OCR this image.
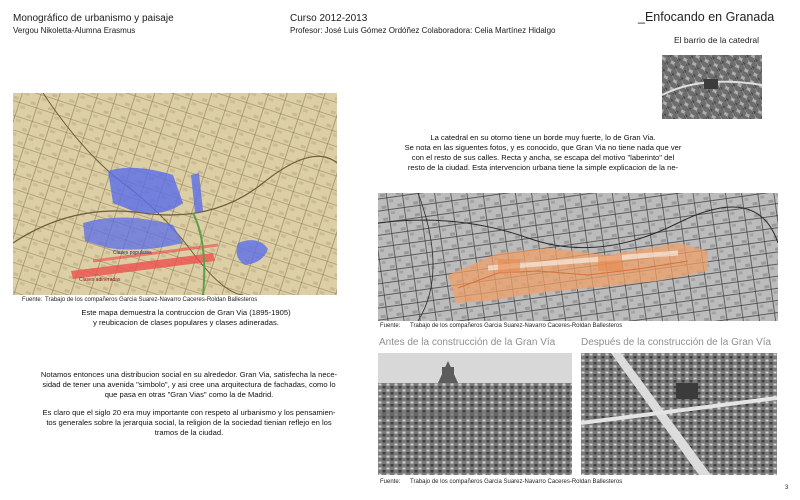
Monográfico de urbanismo y paisaje
Vergou Nikoletta-Alumna Erasmus
Curso 2012-2013
Profesor: José Luis Gómez Ordóñez Colaboradora: Celia Martínez Hidalgo
_Enfocando en Granada
El barrio de la catedral
La catedral en su otorno tiene un borde muy fuerte, lo de Gran Via.
Se nota en las siguentes fotos, y es conocido, que Gran Via no tiene nada que ver
con el resto de sus calles. Recta y ancha, se escapa del motivo "laberinto" del
resto de la ciudad. Esta intervencion urbana tiene la simple explicacion de la ne-
Clases populares
Clases adineradas
Fuente: Trabajo de los compañeros Garcia Suarez-Navarro Caceres-Roldan Ballesteros
Este mapa demuestra la contruccion de Gran Via (1895-1905)
y reubicacion de clases populares y clases adineradas.	Fuente: Trabajo de los compañeros Garcia Suarez-Navarro Caceres-Roldan Ballesteros
Antes de la construcción de la Gran Vía	Después de la construcción de la Gran Vía
Fuente: Trabajo de los compañeros Garcia Suarez-Navarro Caceres-Roldan Ballesteros
Notamos entonces una distribucion social en su alrededor. Gran Via, satisfecha la nece-
sidad de tener una avenida "simbolo", y asi cree una arquitectura de fachadas, como lo
que pasa en otras "Gran Vias" como la de Madrid.
Es claro que el siglo 20 era muy importante con respeto al urbanismo y los pensamien-
tos generales sobre la jerarquia social, la religion de la sociedad tienian reflejo en los
tramos de la ciudad.
3
